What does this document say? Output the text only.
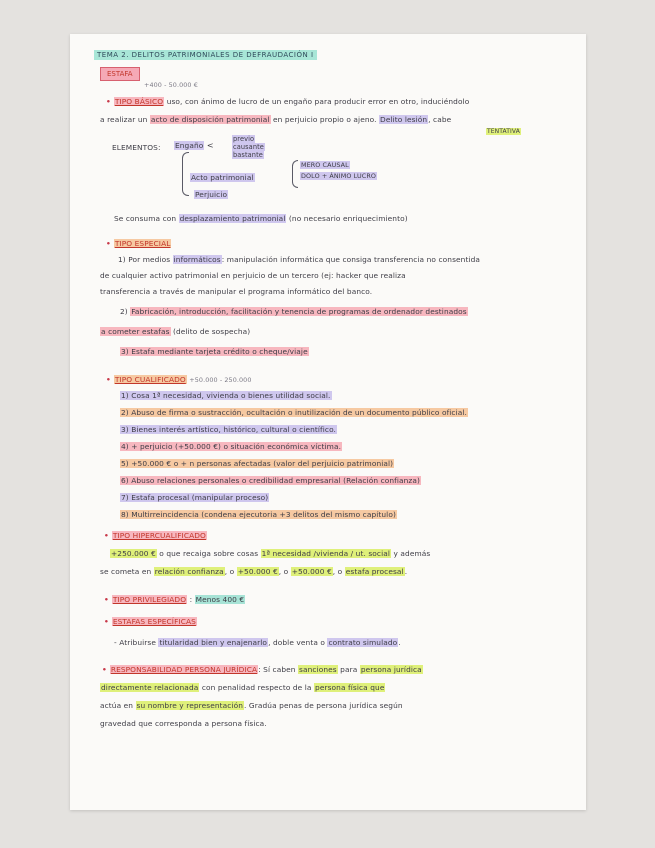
TEMA 2. DELITOS PATRIMONIALES DE DEFRAUDACIÓN I
ESTAFA
+400 - 50.000 €
• TIPO BÁSICO uso, con ánimo de lucro de un engaño para producir error en otro, induciéndolo
a realizar un acto de disposición patrimonial en perjuicio propio o ajeno. Delito lesión, cabe
TENTATIVA
ELEMENTOS: Engaño <
previo
causante
bastante
Acto patrimonial
Perjuicio
MERO CAUSAL
DOLO + ÁNIMO LUCRO
Se consuma con desplazamiento patrimonial (no necesario enriquecimiento)
• TIPO ESPECIAL
1) Por medios informáticos: manipulación informática que consiga transferencia no consentida
de cualquier activo patrimonial en perjuicio de un tercero (ej: hacker que realiza
transferencia a través de manipular el programa informático del banco.
2) Fabricación, introducción, facilitación y tenencia de programas de ordenador destinados
a cometer estafas (delito de sospecha)
3) Estafa mediante tarjeta crédito o cheque/viaje
• TIPO CUALIFICADO +50.000 - 250.000
1) Cosa 1ª necesidad, vivienda o bienes utilidad social.
2) Abuso de firma o sustracción, ocultación o inutilización de un documento público oficial.
3) Bienes interés artístico, histórico, cultural o científico.
4) + perjuicio (+50.000 €) o situación económica víctima.
5) +50.000 € o + n personas afectadas (valor del perjuicio patrimonial)
6) Abuso relaciones personales o credibilidad empresarial (Relación confianza)
7) Estafa procesal (manipular proceso)
8) Multirreincidencia (condena ejecutoria +3 delitos del mismo capítulo)
• TIPO HIPERCUALIFICADO
+250.000 € o que recaiga sobre cosas 1ª necesidad /vivienda / ut. social y además
se cometa en relación confianza, o +50.000 €, o +50.000 €, o estafa procesal.
• TIPO PRIVILEGIADO : Menos 400 €
• ESTAFAS ESPECÍFICAS
- Atribuirse titularidad bien y enajenarlo, doble venta o contrato simulado.
• RESPONSABILIDAD PERSONA JURÍDICA: Sí caben sanciones para persona jurídica
directamente relacionada con penalidad respecto de la persona física que
actúa en su nombre y representación. Gradúa penas de persona jurídica según
gravedad que corresponda a persona física.
